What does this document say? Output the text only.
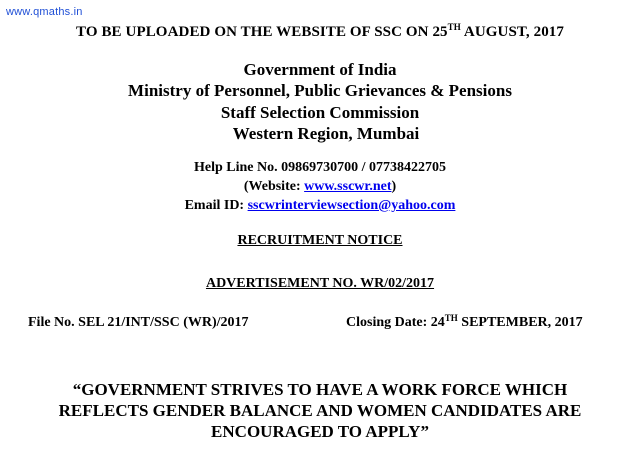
www.qmaths.in
TO BE UPLOADED ON THE WEBSITE OF SSC ON 25TH AUGUST, 2017
Government of India
Ministry of Personnel, Public Grievances & Pensions
Staff Selection Commission
Western Region, Mumbai
Help Line No. 09869730700 / 07738422705
(Website: www.sscwr.net)
Email ID: sscwrinterviewsection@yahoo.com
RECRUITMENT NOTICE
ADVERTISEMENT NO. WR/02/2017
File No. SEL 21/INT/SSC (WR)/2017	Closing Date: 24TH SEPTEMBER, 2017
“GOVERNMENT STRIVES TO HAVE A WORK FORCE WHICH
REFLECTS GENDER BALANCE AND WOMEN CANDIDATES ARE
ENCOURAGED TO APPLY”
